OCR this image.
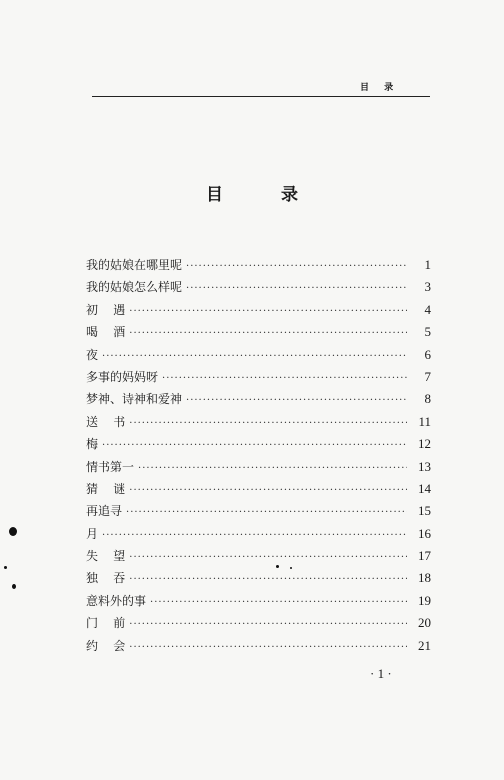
目 录
目 录
我的姑娘在哪里呢 ·····	1
我的姑娘怎么样呢 ·····	3
初    遇 ·····	4
喝    酒 ·····	5
夜 ·····	6
多事的妈妈呀 ·····	7
梦神、诗神和爱神 ·····	8
送    书 ·····	11
梅 ·····	12
情书第一 ·····	13
猜    谜 ·····	14
再追寻 ·····	15
月 ·····	16
失    望 ·····	17
独    吞 ·····	18
意料外的事 ·····	19
门    前 ·····	20
约    会 ·····	21
· 1 ·
